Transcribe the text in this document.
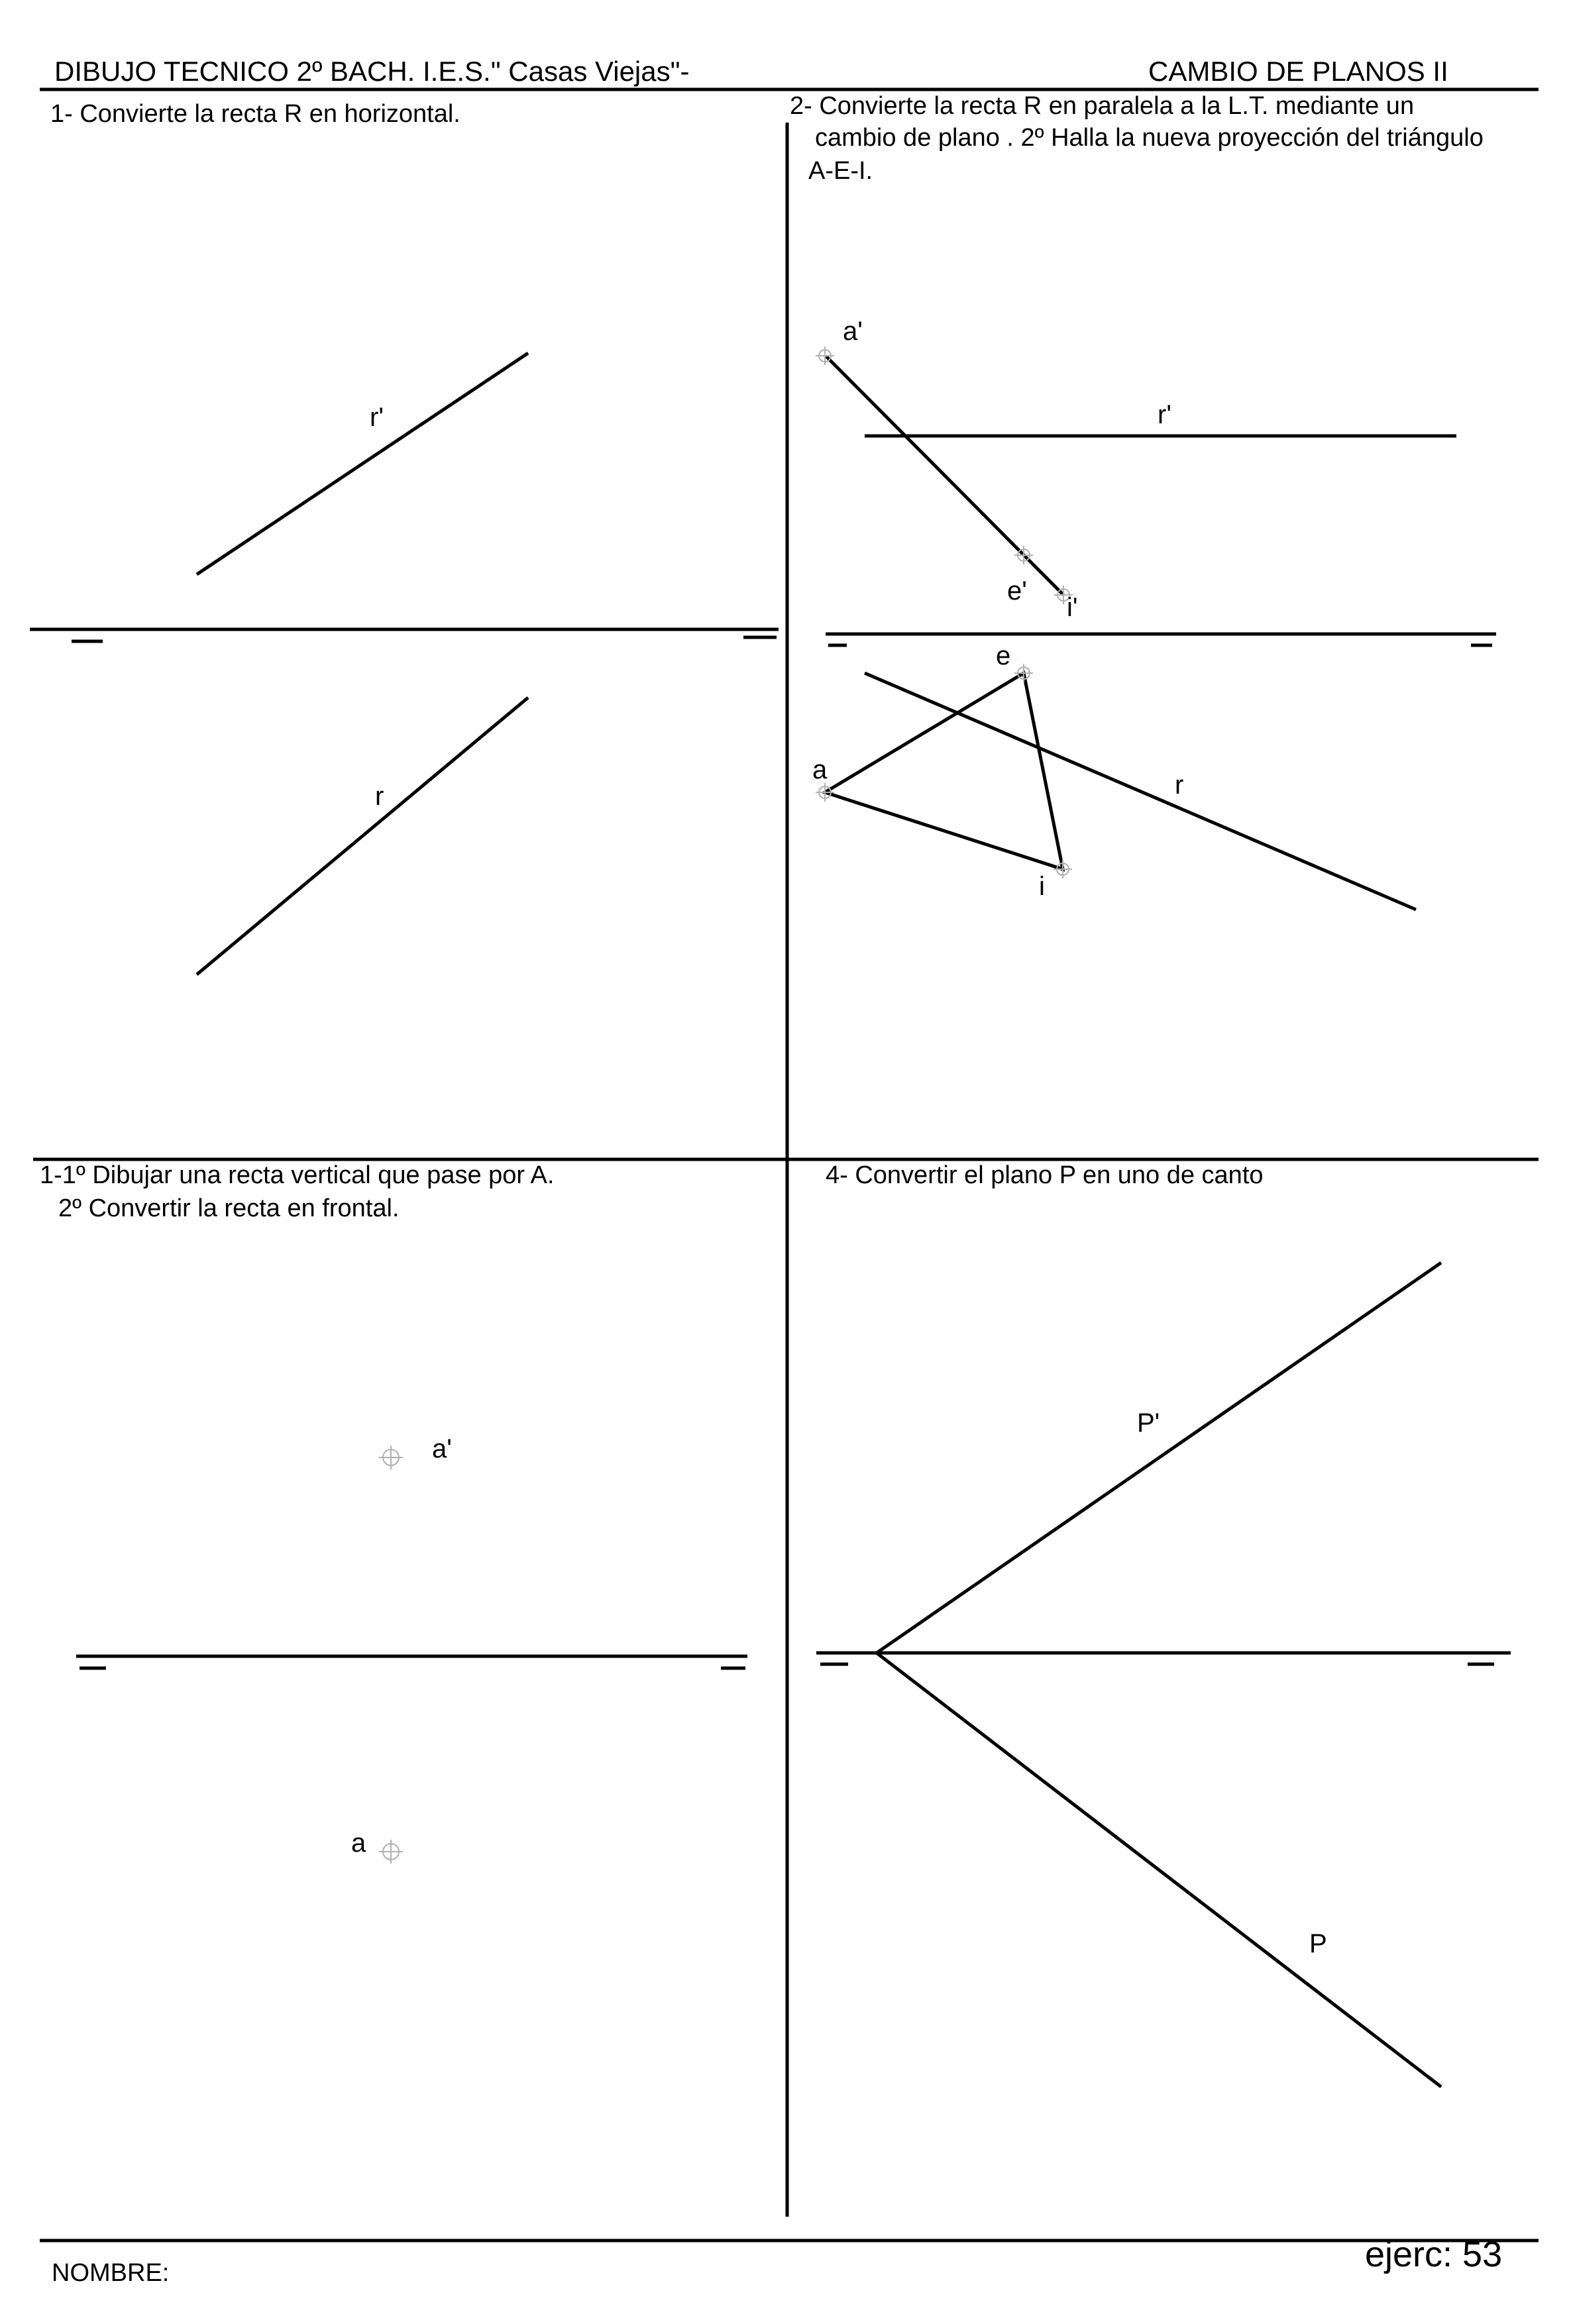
DIBUJO TECNICO 2º BACH. I.E.S." Casas Viejas"-	CAMBIO DE PLANOS II

1- Convierte la recta R en horizontal.

r'
r

2- Convierte la recta R en paralela a la L.T. mediante un

cambio de plano . 2º Halla la nueva proyección del triángulo

A-E-I.

a'
r'
e'
i'
e
a
r
i

1-1º Dibujar una recta vertical que pase por A.

2º Convertir la recta en frontal.

a'
a

4- Convertir el plano P en uno de canto

P'
P

NOMBRE:	ejerc: 53
